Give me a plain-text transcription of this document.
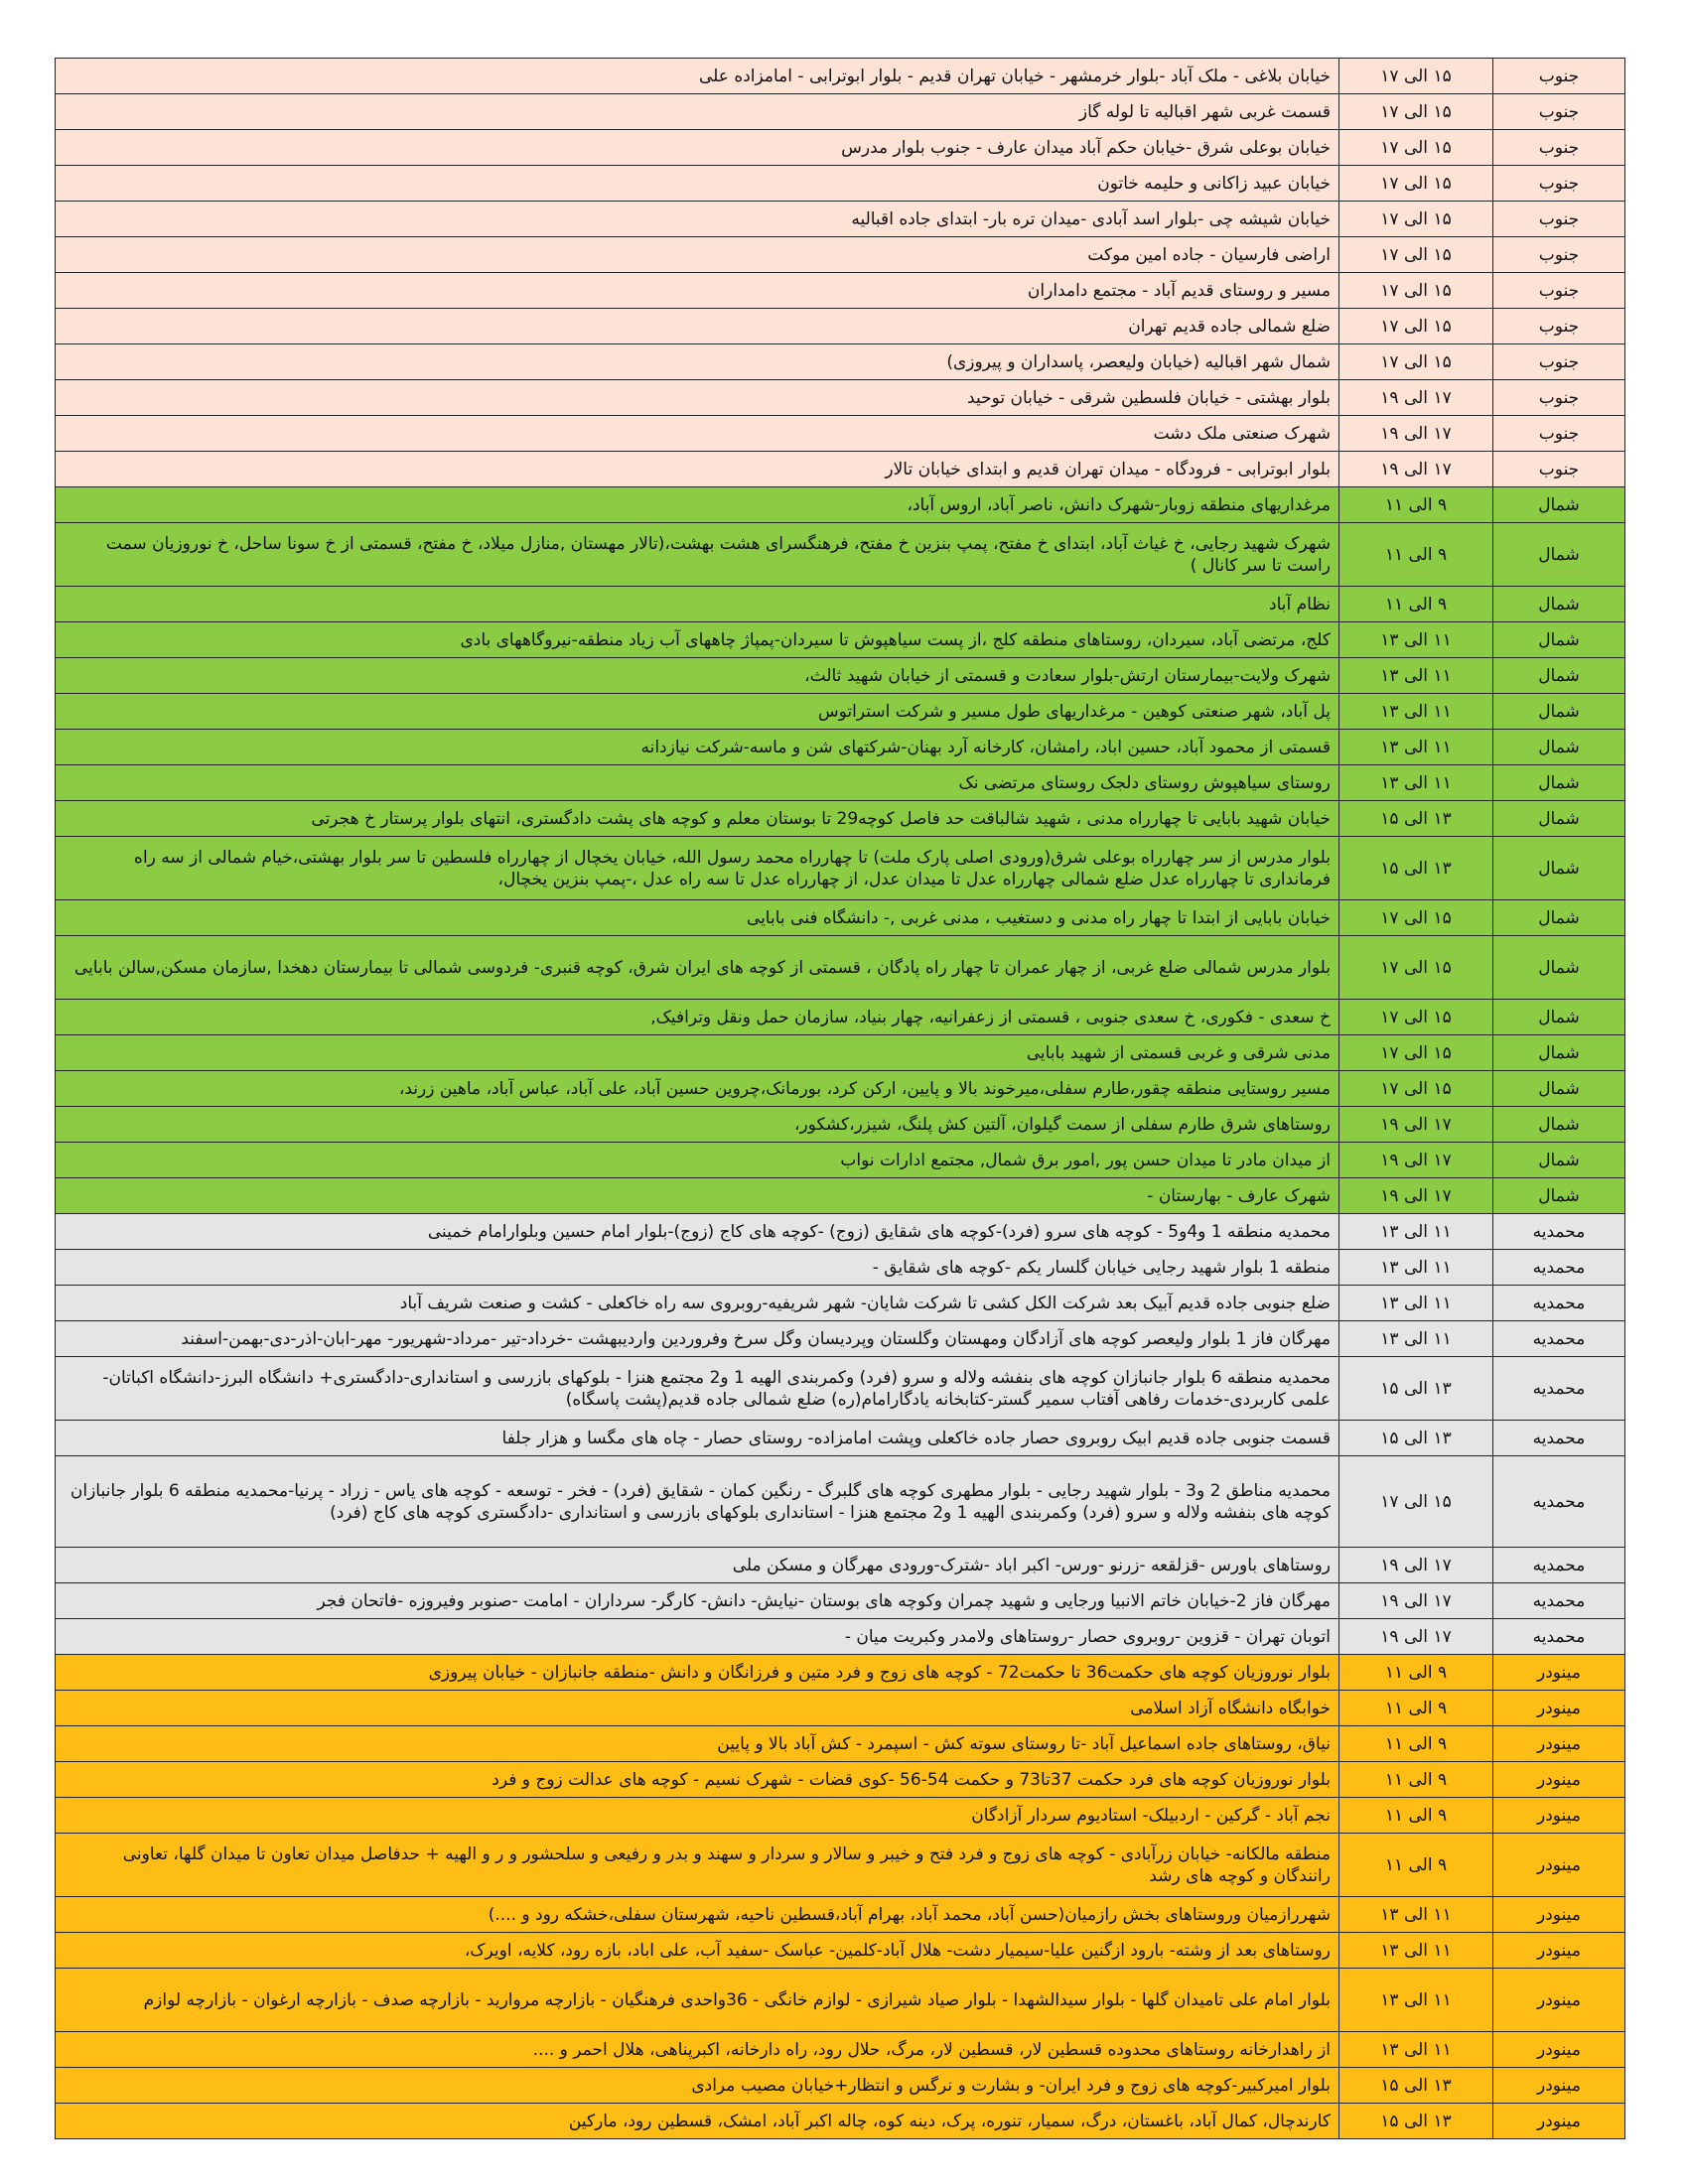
جنوب	۱۵ الی ۱۷	خیابان بلاغی - ملک آباد -بلوار خرمشهر - خیابان تهران قدیم - بلوار ابوترابی - امامزاده علی
جنوب	۱۵ الی ۱۷	قسمت غربی شهر اقبالیه تا لوله گاز
جنوب	۱۵ الی ۱۷	خیابان بوعلی شرق -خیابان حکم آباد میدان عارف - جنوب بلوار مدرس
جنوب	۱۵ الی ۱۷	خیابان عبید زاکانی و حلیمه خاتون
جنوب	۱۵ الی ۱۷	خیابان شیشه چی -بلوار اسد آبادی -میدان تره بار- ابتدای جاده اقبالیه
جنوب	۱۵ الی ۱۷	اراضی فارسیان - جاده امین موکت
جنوب	۱۵ الی ۱۷	مسیر و روستای قدیم آباد - مجتمع دامداران
جنوب	۱۵ الی ۱۷	ضلع شمالی جاده قدیم تهران
جنوب	۱۵ الی ۱۷	شمال شهر اقبالیه (خیابان ولیعصر، پاسداران و پیروزی)
جنوب	۱۷ الی ۱۹	بلوار بهشتی - خیابان فلسطین شرقی - خیابان توحید
جنوب	۱۷ الی ۱۹	شهرک صنعتی ملک دشت
جنوب	۱۷ الی ۱۹	بلوار ابوترابی - فرودگاه - میدان تهران قدیم و ابتدای خیابان تالار
شمال	۹ الی ۱۱	مرغداریهای منطقه زوبار-شهرک دانش، ناصر آباد، اروس آباد،
شمال	۹ الی ۱۱	شهرک شهید رجایی، خ غیاث آباد، ابتدای خ مفتح، پمپ بنزین خ مفتح، فرهنگسرای هشت بهشت،(تالار مهستان ,منازل میلاد، خ مفتح، قسمتی از خ سونا ساحل، خ نوروزیان سمت راست تا سر کانال )
شمال	۹ الی ۱۱	نظام آباد
شمال	۱۱ الی ۱۳	کلج، مرتضی آباد، سیردان، روستاهای منطقه کلج ،از پست سیاهپوش تا سیردان-پمپاژ چاههای آب زیاد منطقه-نیروگاههای بادی
شمال	۱۱ الی ۱۳	شهرک ولایت-بیمارستان ارتش-بلوار سعادت و قسمتی از خیابان شهید ثالث،
شمال	۱۱ الی ۱۳	پل آباد، شهر صنعتی کوهین - مرغداریهای طول مسیر و شرکت استراتوس
شمال	۱۱ الی ۱۳	قسمتی از محمود آباد، حسین اباد، رامشان، کارخانه آرد بهنان-شرکتهای شن و ماسه-شرکت نیازدانه
شمال	۱۱ الی ۱۳	روستای سیاهپوش روستای دلجک روستای مرتضی نک
شمال	۱۳ الی ۱۵	خیابان شهید بابایی تا چهارراه مدنی ، شهید شالباقت حد فاصل کوچه29 تا بوستان معلم و کوچه های پشت دادگستری، انتهای بلوار پرستار خ هجرتی
شمال	۱۳ الی ۱۵	بلوار مدرس از سر چهارراه بوعلی شرق(ورودی اصلی پارک ملت) تا چهارراه محمد رسول الله، خیابان یخچال از چهارراه فلسطین تا سر بلوار بهشتی،خیام شمالی از سه راه فرمانداری تا چهارراه عدل ضلع شمالی چهارراه عدل تا میدان عدل، از چهارراه عدل تا سه راه عدل ،-پمپ بنزین یخچال،
شمال	۱۵ الی ۱۷	خیابان بابایی از ابتدا تا چهار راه مدنی و دستغیب ، مدنی غربی ,- دانشگاه فنی بابایی
شمال	۱۵ الی ۱۷	بلوار مدرس شمالی ضلع غربی، از چهار عمران تا چهار راه پادگان ، قسمتی از کوچه های ایران شرق، کوچه قنبری- فردوسی شمالی تا بیمارستان دهخدا ,سازمان مسکن,سالن بابایی
شمال	۱۵ الی ۱۷	خ سعدی - فکوری، خ سعدی جنوبی ، قسمتی از زعفرانیه، چهار بنیاد، سازمان حمل ونقل وترافیک,
شمال	۱۵ الی ۱۷	مدنی شرقی و غربی قسمتی از شهید بابایی
شمال	۱۵ الی ۱۷	مسیر روستایی منطقه چقور،طارم سفلی،میرخوند بالا و پایین، ارکن کرد، بورمانک،چروین حسین آباد، علی آباد، عباس آباد، ماهین زرند،
شمال	۱۷ الی ۱۹	روستاهای شرق طارم سفلی از سمت گیلوان، آلتین کش پلنگ، شیزر،کشکور،
شمال	۱۷ الی ۱۹	از میدان مادر تا میدان حسن پور ,امور برق شمال, مجتمع ادارات نواب
شمال	۱۷ الی ۱۹	شهرک عارف - بهارستان -
محمدیه	۱۱ الی ۱۳	محمدیه منطقه 1 و4و5 - کوچه های سرو (فرد)-کوچه های شقایق (زوج) -کوچه های کاج (زوج)-بلوار امام حسین وبلوارامام خمینی
محمدیه	۱۱ الی ۱۳	منطقه 1 بلوار شهید رجایی خیابان گلسار یکم -کوچه های شقایق -
محمدیه	۱۱ الی ۱۳	ضلع جنوبی جاده قدیم آبیک بعد شرکت الکل کشی تا شرکت شایان- شهر شریفیه-روبروی سه راه خاکعلی - کشت و صنعت شریف آباد
محمدیه	۱۱ الی ۱۳	مهرگان فاز 1 بلوار ولیعصر کوچه های آزادگان ومهستان وگلستان وپردیسان وگل سرخ وفروردین واردیبهشت -خرداد-تیر -مرداد-شهریور- مهر-ابان-اذر-دی-بهمن-اسفند
محمدیه	۱۳ الی ۱۵	محمدیه منطقه 6 بلوار جانبازان کوچه های بنفشه ولاله و سرو (فرد) وکمربندی الهیه 1 و2 مجتمع هنزا - بلوکهای بازرسی و استانداری-دادگستری+ دانشگاه البرز-دانشگاه اکباتان-علمی کاربردی-خدمات رفاهی آفتاب سمیر گستر-کتابخانه یادگارامام(ره) ضلع شمالی جاده قدیم(پشت پاسگاه)
محمدیه	۱۳ الی ۱۵	قسمت جنوبی جاده قدیم ابیک روبروی حصار جاده خاکعلی وپشت امامزاده- روستای حصار - چاه های مگسا و هزار جلفا
محمدیه	۱۵ الی ۱۷	محمدیه مناطق 2 و3 - بلوار شهید رجایی - بلوار مطهری کوچه های گلبرگ - رنگین کمان - شقایق (فرد) - فخر - توسعه - کوچه های یاس - زراد - پرنیا-محمدیه منطقه 6 بلوار جانبازان کوچه های بنفشه ولاله و سرو (فرد) وکمربندی الهیه 1 و2 مجتمع هنزا - استانداری بلوکهای بازرسی و استانداری -دادگستری کوچه های کاج (فرد)
محمدیه	۱۷ الی ۱۹	روستاهای باورس -قزلقعه -زرنو -ورس- اکبر اباد -شترک-ورودی مهرگان و مسکن ملی
محمدیه	۱۷ الی ۱۹	مهرگان فاز 2-خیابان خاتم الانبیا ورجایی و شهید چمران وکوچه های بوستان -نیایش- دانش- کارگر- سرداران - امامت -صنوبر وفیروزه -فاتحان فجر
محمدیه	۱۷ الی ۱۹	اتوبان تهران - قزوین -روبروی حصار -روستاهای ولامدر وکبریت میان -
مینودر	۹ الی ۱۱	بلوار نوروزیان کوچه های حکمت36 تا حکمت72 - کوچه های زوج و فرد متین و فرزانگان و دانش -منطقه جانبازان - خیابان پیروزی
مینودر	۹ الی ۱۱	خوابگاه دانشگاه آزاد اسلامی
مینودر	۹ الی ۱۱	نیاق، روستاهای جاده اسماعیل آباد -تا روستای سوته کش - اسپمرد - کش آباد بالا و پایین
مینودر	۹ الی ۱۱	بلوار نوروزیان کوچه های فرد حکمت 37تا73 و حکمت 54-56 -کوی قضات - شهرک نسیم - کوچه های عدالت زوج و فرد
مینودر	۹ الی ۱۱	نجم آباد - گرکین - اردبیلک- استادیوم سردار آزادگان
مینودر	۹ الی ۱۱	منطقه مالکانه- خیابان زرآبادی - کوچه های زوج و فرد فتح و خیبر و سالار و سردار و سهند و بدر و رفیعی و سلحشور و ر و الهیه + حدفاصل میدان تعاون تا میدان گلها، تعاونی رانندگان و کوچه های رشد
مینودر	۱۱ الی ۱۳	شهررازمیان وروستاهای بخش رازمیان(حسن آباد، محمد آباد، بهرام آباد،قسطین ناحیه، شهرستان سفلی،خشکه رود و ....)
مینودر	۱۱ الی ۱۳	روستاهای بعد از وشته- بارود ازگنین علیا-سیمیار دشت- هلال آباد-کلمین- عباسک -سفید آب، علی اباد، بازه رود، کلایه، اویرک،
مینودر	۱۱ الی ۱۳	بلوار امام علی تامیدان گلها - بلوار سیدالشهدا - بلوار صیاد شیرازی - لوازم خانگی - 36واحدی فرهنگیان - بازارچه مروارید - بازارچه صدف - بازارچه ارغوان - بازارچه لوازم
مینودر	۱۱ الی ۱۳	از راهدارخانه روستاهای محدوده قسطین لار، قسطین لار، مرگ، حلال رود، راه دارخانه، اکبرپناهی، هلال احمر و ....
مینودر	۱۳ الی ۱۵	بلوار امیرکبیر-کوچه های زوج و فرد ایران- و بشارت و نرگس و انتظار+خیابان مصیب مرادی
مینودر	۱۳ الی ۱۵	کارندچال، کمال آباد، باغستان، درگ، سمیار، تنوره، پرک، دینه کوه، چاله اکبر آباد، امشک، قسطین رود، مارکین
